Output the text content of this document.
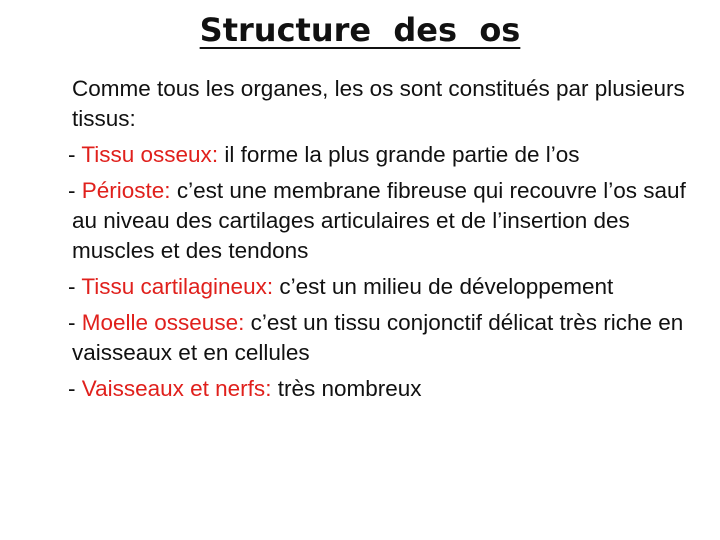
Structure  des  os

Comme tous les organes, les os sont constitués par plusieurs tissus:

- Tissu osseux: il forme la plus grande partie de l’os

- Périoste: c’est une membrane fibreuse qui recouvre l’os sauf au niveau des cartilages articulaires et de l’insertion des muscles et des tendons

- Tissu cartilagineux: c’est un milieu de développement

- Moelle osseuse: c’est un tissu conjonctif délicat très riche en vaisseaux et en cellules

- Vaisseaux et nerfs: très nombreux
